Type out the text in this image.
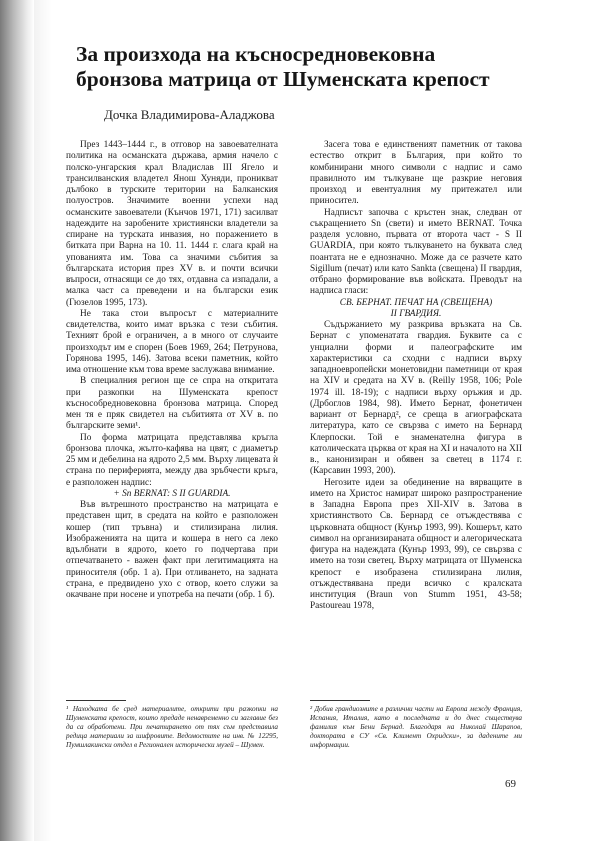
За произхода на късносредновековна
бронзова матрица от Шуменската крепост
Дочка Владимирова-Аладжова

През 1443–1444 г., в отговор на завоевателната политика на османската държава, армия начело с полско-унгарския крал Владислав III Ягело и трансилванския владетел Янош Хуняди, проникват дълбоко в турските територии на Балканския полуостров. Значимите военни успехи над османските завоеватели (Кънчов 1971, 171) засилват надеждите на заробените християнски владетели за спиране на турската инвазия, но поражението в битката при Варна на 10. 11. 1444 г. слага край на упованията им. Това са значими събития за българската история през XV в. и почти всички въпроси, отнасящи се до тях, отдавна са изпадали, а малка част са преведени и на български език (Гюзелов 1995, 173).

Не така стои въпросът с материалните свидетелства, които имат връзка с тези събития. Техният брой е ограничен, а в много от случаите произходът им е спорен (Боев 1969, 264; Петрунова, Горянова 1995, 146). Затова всеки паметник, който има отношение към това време заслужава внимание.

В специалния регион ще се спра на откритата при разкопки на Шуменската крепост къснособредновековна бронзова матрица. Според мен тя е пряк свидетел на събитията от XV в. по българските земи¹.

По форма матрицата представлява кръгла бронзова плочка, жълто-кафява на цвят, с диаметър 25 мм и дебелина на ядрото 2,5 мм. Върху лицевата ѝ страна по периферията, между два зръбчести кръга, е разположен надпис:

+ Sn BERNAT: S II GUARDIA.

Във вътрешното пространство на матрицата е представен щит, в средата на който е разположен кошер (тип тръвна) и стилизирана лилия. Изображенията на щита и кошера в него са леко вдълбнати в ядрото, което го подчертава при отпечатването - важен факт при легитимацията на приносителя (обр. 1 а). При отливането, на задната страна, е предвидено ухо с отвор, което служи за окачване при носене и употреба на печати (обр. 1 б).

Засега това е единственият паметник от такова естество открит в България, при който то комбинирани много символи с надпис и само правилното им тълкуване ще разкрие неговия произход и евентуалния му притежател или приносител.

Надписът започва с кръстен знак, следван от съкращението Sn (свети) и името BERNAT. Точка разделя условно, първата от второта част - S II GUARDIA, при която тълкуването на буквата след поантата не е еднозначно. Може да се разчете като Sigillum (печат) или като Sankta (свещена) II гвардия, отбрано формирование във войската. Преводът на надписа гласи:

СВ. БЕРНАТ. ПЕЧАТ НА (СВЕЩЕНА)

II ГВАРДИЯ.

Съдържанието му разкрива връзката на Св. Бернат с упоменатата гвардия. Буквите са с унциални форми и палеографските им характеристики са сходни с надписи върху западноевропейски монетовидни паметници от края на XIV и средата на XV в. (Reilly 1958, 106; Pole 1974 ill. 18-19); с надписи върху оръжия и др. (Дрбоглов 1984, 98). Името Бернат, фонетичен вариант от Бернард², се среща в агиографската литература, като се свързва с името на Бернард Клерпоски. Той е знаменателна фигура в католическата църква от края на XI и началото на XII в., канонизиран и обявен за светец в 1174 г. (Карсавин 1993, 200).

Негозите идеи за обединение на вярващите в името на Христос намират широко разпространение в Западна Европа през XII-XIV в. Затова в християнството Св. Бернард се отъждествява с църковната общност (Кунър 1993, 99). Кошерът, като символ на организираната общност и алегорическата фигура на надеждата (Кунър 1993, 99), се свързва с името на този светец. Върху матрицата от Шуменска крепост е изобразена стилизирана лилия, отъждествявана преди всичко с кралската институция (Braun von Stumm 1951, 43-58; Pastoureau 1978,

¹ Находката бе сред материалите, открити при разкопки на Шуменската крепост, които предаде ненавременно си заглавие без да са обработени. При печатирането от тях съм представила редица материали за шифровите. Ведомостите на инв. № 12295, Пумшлакински отдел в Регионален исторически музей – Шумен.
² Добив грандиозните в различни части на Европа между Франция, Испания, Италия, като в последната и до днес съществува фамилия към Бени Бернад. Благодаря на Николай Шарапов, доктората в СУ «Св. Климент Охридски», за дадените ми информации.
69
